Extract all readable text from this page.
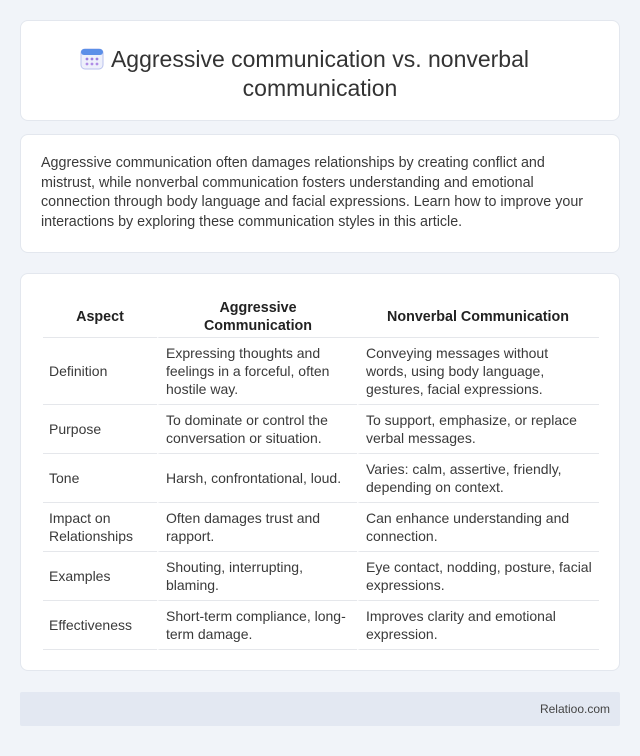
Aggressive communication vs. nonverbal communication

Aggressive communication often damages relationships by creating conflict and mistrust, while nonverbal communication fosters understanding and emotional connection through body language and facial expressions. Learn how to improve your interactions by exploring these communication styles in this article.

Aspect	Aggressive Communication	Nonverbal Communication
Definition	Expressing thoughts and feelings in a forceful, often hostile way.	Conveying messages without words, using body language, gestures, facial expressions.
Purpose	To dominate or control the conversation or situation.	To support, emphasize, or replace verbal messages.
Tone	Harsh, confrontational, loud.	Varies: calm, assertive, friendly, depending on context.
Impact on Relationships	Often damages trust and rapport.	Can enhance understanding and connection.
Examples	Shouting, interrupting, blaming.	Eye contact, nodding, posture, facial expressions.
Effectiveness	Short-term compliance, long-term damage.	Improves clarity and emotional expression.
Relatioo.com
